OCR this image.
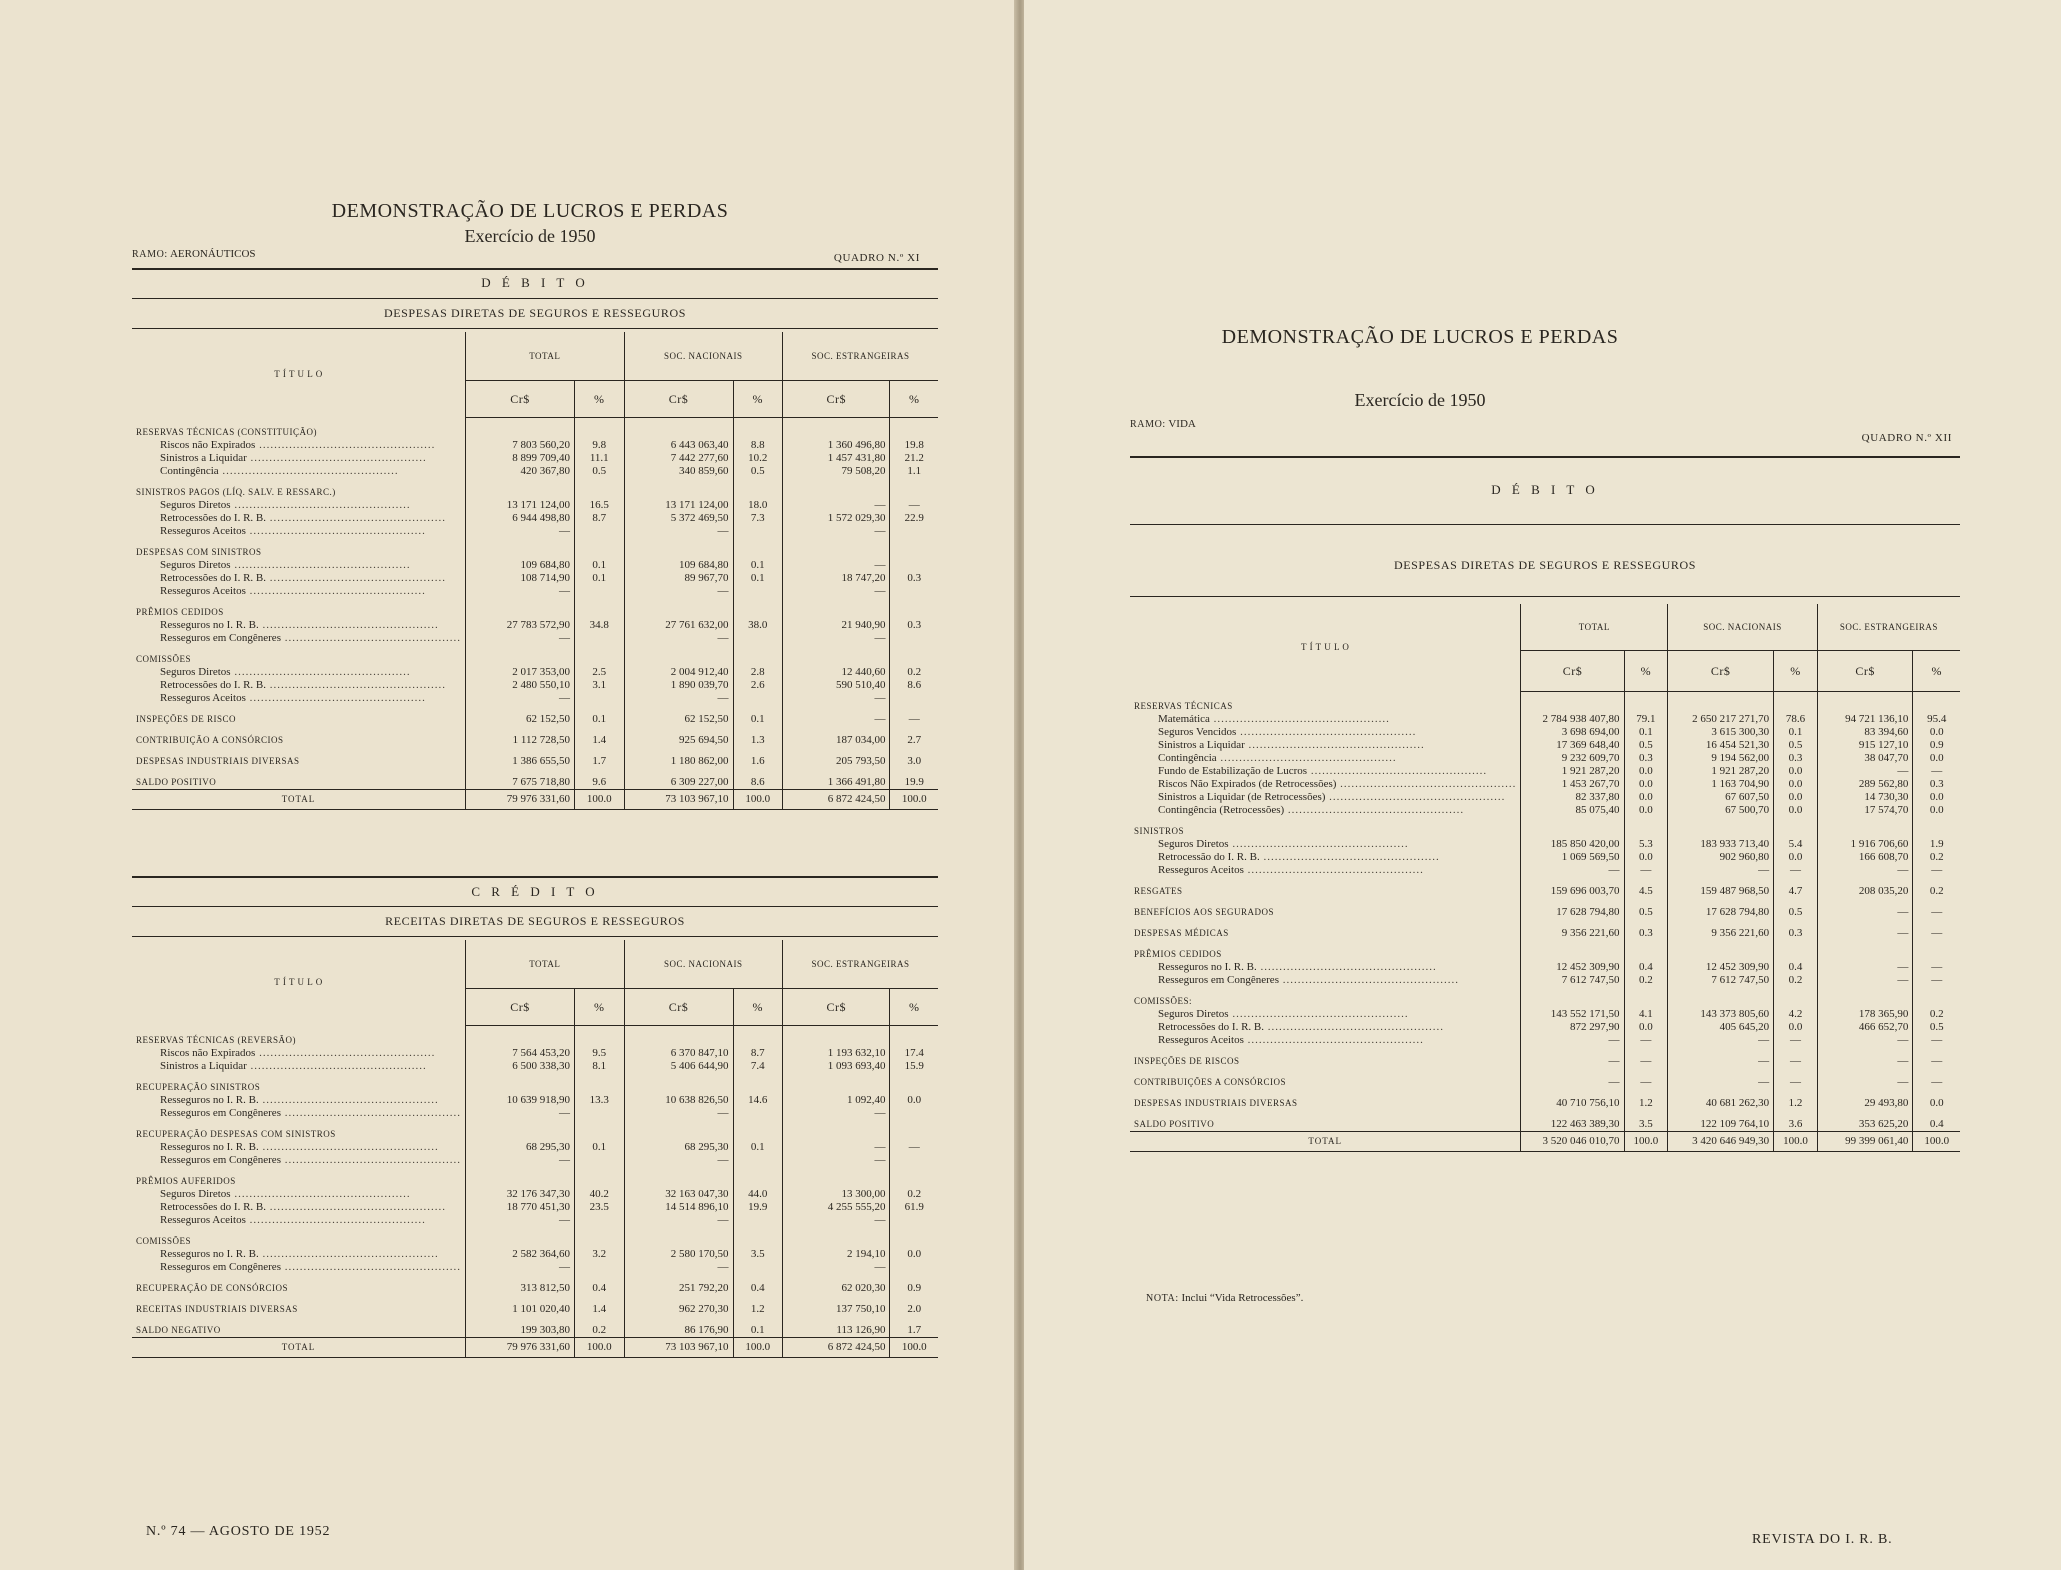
DEMONSTRAÇÃO DE LUCROS E PERDAS
Exercício de 1950
RAMO: AERONÁUTICOS	QUADRO N.º XI
D É B I T O
DESPESAS DIRETAS DE SEGUROS E RESSEGUROS
T Í T U L O	TOTAL		SOC. NACIONAIS		SOC. ESTRANGEIRAS	
	Cr$	%	Cr$	%	Cr$	%
RESERVAS TÉCNICAS (CONSTITUIÇÃO)						
Riscos não Expirados .....	7 803 560,20	9.8	6 443 063,40	8.8	1 360 496,80	19.8
Sinistros a Liquidar .....	8 899 709,40	11.1	7 442 277,60	10.2	1 457 431,80	21.2
Contingência .....	420 367,80	0.5	340 859,60	0.5	79 508,20	1.1
SINISTROS PAGOS (LÍQ. SALV. E RESSARC.)						
Seguros Diretos .....	13 171 124,00	16.5	13 171 124,00	18.0	—	—
Retrocessões do I. R. B. .....	6 944 498,80	8.7	5 372 469,50	7.3	1 572 029,30	22.9
Resseguros Aceitos .....	—		—		—	
DESPESAS COM SINISTROS						
Seguros Diretos .....	109 684,80	0.1	109 684,80	0.1	—	
Retrocessões do I. R. B. .....	108 714,90	0.1	89 967,70	0.1	18 747,20	0.3
Resseguros Aceitos .....	—		—		—	
PRÊMIOS CEDIDOS						
Resseguros no I. R. B. .....	27 783 572,90	34.8	27 761 632,00	38.0	21 940,90	0.3
Resseguros em Congêneres .....	—		—		—	
COMISSÕES						
Seguros Diretos .....	2 017 353,00	2.5	2 004 912,40	2.8	12 440,60	0.2
Retrocessões do I. R. B. .....	2 480 550,10	3.1	1 890 039,70	2.6	590 510,40	8.6
Resseguros Aceitos .....	—		—		—	
INSPEÇÕES DE RISCO	62 152,50	0.1	62 152,50	0.1	—	—
CONTRIBUIÇÃO A CONSÓRCIOS	1 112 728,50	1.4	925 694,50	1.3	187 034,00	2.7
DESPESAS INDUSTRIAIS DIVERSAS	1 386 655,50	1.7	1 180 862,00	1.6	205 793,50	3.0
SALDO POSITIVO	7 675 718,80	9.6	6 309 227,00	8.6	1 366 491,80	19.9
TOTAL	79 976 331,60	100.0	73 103 967,10	100.0	6 872 424,50	100.0
C R É D I T O
RECEITAS DIRETAS DE SEGUROS E RESSEGUROS
T Í T U L O	TOTAL		SOC. NACIONAIS		SOC. ESTRANGEIRAS	
	Cr$	%	Cr$	%	Cr$	%
RESERVAS TÉCNICAS (REVERSÃO)						
Riscos não Expirados .....	7 564 453,20	9.5	6 370 847,10	8.7	1 193 632,10	17.4
Sinistros a Liquidar .....	6 500 338,30	8.1	5 406 644,90	7.4	1 093 693,40	15.9
RECUPERAÇÃO SINISTROS						
Resseguros no I. R. B. .....	10 639 918,90	13.3	10 638 826,50	14.6	1 092,40	0.0
Resseguros em Congêneres .....	—		—		—	
RECUPERAÇÃO DESPESAS COM SINISTROS						
Resseguros no I. R. B. .....	68 295,30	0.1	68 295,30	0.1	—	—
Resseguros em Congêneres .....	—		—		—	
PRÊMIOS AUFERIDOS						
Seguros Diretos .....	32 176 347,30	40.2	32 163 047,30	44.0	13 300,00	0.2
Retrocessões do I. R. B. .....	18 770 451,30	23.5	14 514 896,10	19.9	4 255 555,20	61.9
Resseguros Aceitos .....	—		—		—	
COMISSÕES						
Resseguros no I. R. B. .....	2 582 364,60	3.2	2 580 170,50	3.5	2 194,10	0.0
Resseguros em Congêneres .....	—		—		—	
RECUPERAÇÃO DE CONSÓRCIOS	313 812,50	0.4	251 792,20	0.4	62 020,30	0.9
RECEITAS INDUSTRIAIS DIVERSAS	1 101 020,40	1.4	962 270,30	1.2	137 750,10	2.0
SALDO NEGATIVO	199 303,80	0.2	86 176,90	0.1	113 126,90	1.7
TOTAL	79 976 331,60	100.0	73 103 967,10	100.0	6 872 424,50	100.0
N.º 74 — AGOSTO DE 1952
DEMONSTRAÇÃO DE LUCROS E PERDAS
Exercício de 1950
RAMO: VIDA
QUADRO N.º XII
D É B I T O
DESPESAS DIRETAS DE SEGUROS E RESSEGUROS
T Í T U L O	TOTAL		SOC. NACIONAIS		SOC. ESTRANGEIRAS	
	Cr$	%	Cr$	%	Cr$	%
RESERVAS TÉCNICAS						
Matemática .....	2 784 938 407,80	79.1	2 650 217 271,70	78.6	94 721 136,10	95.4
Seguros Vencidos .....	3 698 694,00	0.1	3 615 300,30	0.1	83 394,60	0.0
Sinistros a Liquidar .....	17 369 648,40	0.5	16 454 521,30	0.5	915 127,10	0.9
Contingência .....	9 232 609,70	0.3	9 194 562,00	0.3	38 047,70	0.0
Fundo de Estabilização de Lucros .....	1 921 287,20	0.0	1 921 287,20	0.0	—	—
Riscos Não Expirados (de Retrocessões) .....	1 453 267,70	0.0	1 163 704,90	0.0	289 562,80	0.3
Sinistros a Liquidar (de Retrocessões) .....	82 337,80	0.0	67 607,50	0.0	14 730,30	0.0
Contingência (Retrocessões) .....	85 075,40	0.0	67 500,70	0.0	17 574,70	0.0
SINISTROS						
Seguros Diretos .....	185 850 420,00	5.3	183 933 713,40	5.4	1 916 706,60	1.9
Retrocessão do I. R. B. .....	1 069 569,50	0.0	902 960,80	0.0	166 608,70	0.2
Resseguros Aceitos .....	—	—	—	—	—	—
RESGATES	159 696 003,70	4.5	159 487 968,50	4.7	208 035,20	0.2
BENEFÍCIOS AOS SEGURADOS	17 628 794,80	0.5	17 628 794,80	0.5	—	—
DESPESAS MÉDICAS	9 356 221,60	0.3	9 356 221,60	0.3	—	—
PRÊMIOS CEDIDOS						
Resseguros no I. R. B. .....	12 452 309,90	0.4	12 452 309,90	0.4	—	—
Resseguros em Congêneres .....	7 612 747,50	0.2	7 612 747,50	0.2	—	—
COMISSÕES:						
Seguros Diretos .....	143 552 171,50	4.1	143 373 805,60	4.2	178 365,90	0.2
Retrocessões do I. R. B. .....	872 297,90	0.0	405 645,20	0.0	466 652,70	0.5
Resseguros Aceitos .....	—	—	—	—	—	—
INSPEÇÕES DE RISCOS	—	—	—	—	—	—
CONTRIBUIÇÕES A CONSÓRCIOS	—	—	—	—	—	—
DESPESAS INDUSTRIAIS DIVERSAS	40 710 756,10	1.2	40 681 262,30	1.2	29 493,80	0.0
SALDO POSITIVO	122 463 389,30	3.5	122 109 764,10	3.6	353 625,20	0.4
TOTAL	3 520 046 010,70	100.0	3 420 646 949,30	100.0	99 399 061,40	100.0
NOTA: Inclui “Vida Retrocessões”.
REVISTA DO I. R. B.
